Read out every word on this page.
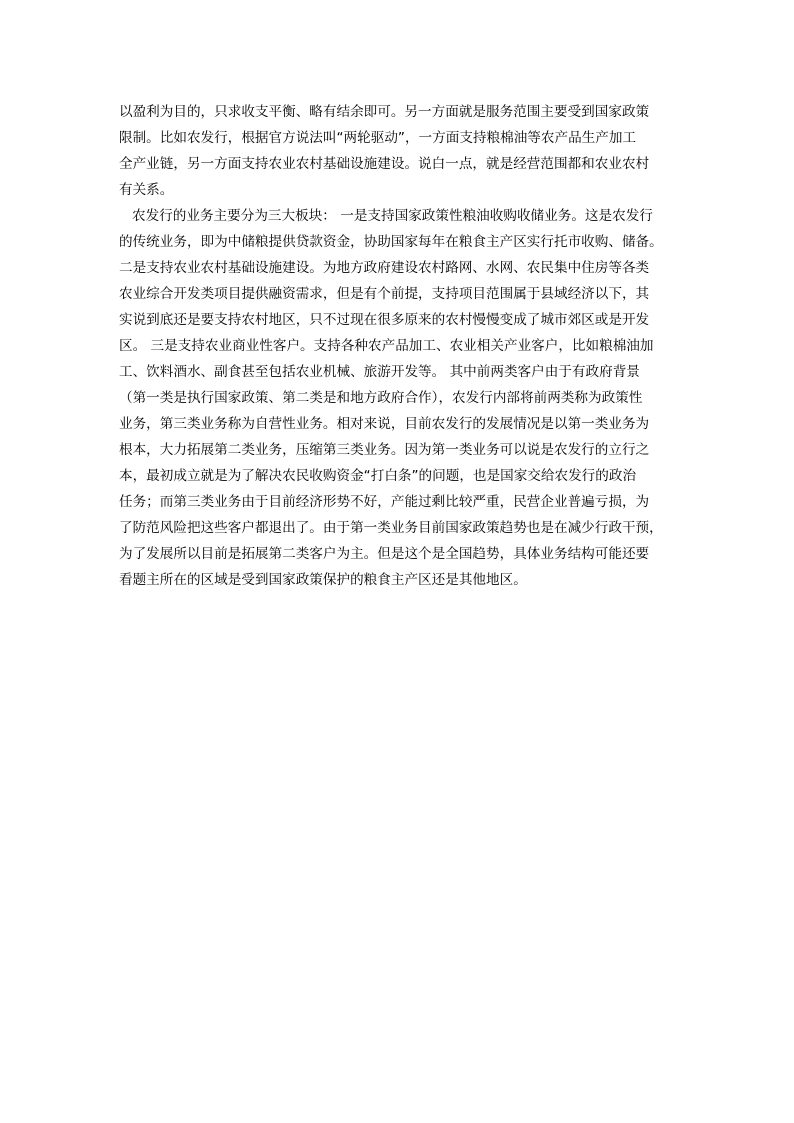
以盈利为目的，只求收支平衡、略有结余即可。另一方面就是服务范围主要受到国家政策
限制。比如农发行，根据官方说法叫“两轮驱动”，一方面支持粮棉油等农产品生产加工
全产业链，另一方面支持农业农村基础设施建设。说白一点，就是经营范围都和农业农村
有关系。
农发行的业务主要分为三大板块： 一是支持国家政策性粮油收购收储业务。这是农发行
的传统业务，即为中储粮提供贷款资金，协助国家每年在粮食主产区实行托市收购、储备。
二是支持农业农村基础设施建设。为地方政府建设农村路网、水网、农民集中住房等各类
农业综合开发类项目提供融资需求，但是有个前提，支持项目范围属于县域经济以下，其
实说到底还是要支持农村地区，只不过现在很多原来的农村慢慢变成了城市郊区或是开发
区。 三是支持农业商业性客户。支持各种农产品加工、农业相关产业客户，比如粮棉油加
工、饮料酒水、副食甚至包括农业机械、旅游开发等。 其中前两类客户由于有政府背景
（第一类是执行国家政策、第二类是和地方政府合作），农发行内部将前两类称为政策性
业务，第三类业务称为自营性业务。相对来说，目前农发行的发展情况是以第一类业务为
根本，大力拓展第二类业务，压缩第三类业务。因为第一类业务可以说是农发行的立行之
本，最初成立就是为了解决农民收购资金“打白条”的问题，也是国家交给农发行的政治
任务；而第三类业务由于目前经济形势不好，产能过剩比较严重，民营企业普遍亏损，为
了防范风险把这些客户都退出了。由于第一类业务目前国家政策趋势也是在减少行政干预，
为了发展所以目前是拓展第二类客户为主。但是这个是全国趋势，具体业务结构可能还要
看题主所在的区域是受到国家政策保护的粮食主产区还是其他地区。
